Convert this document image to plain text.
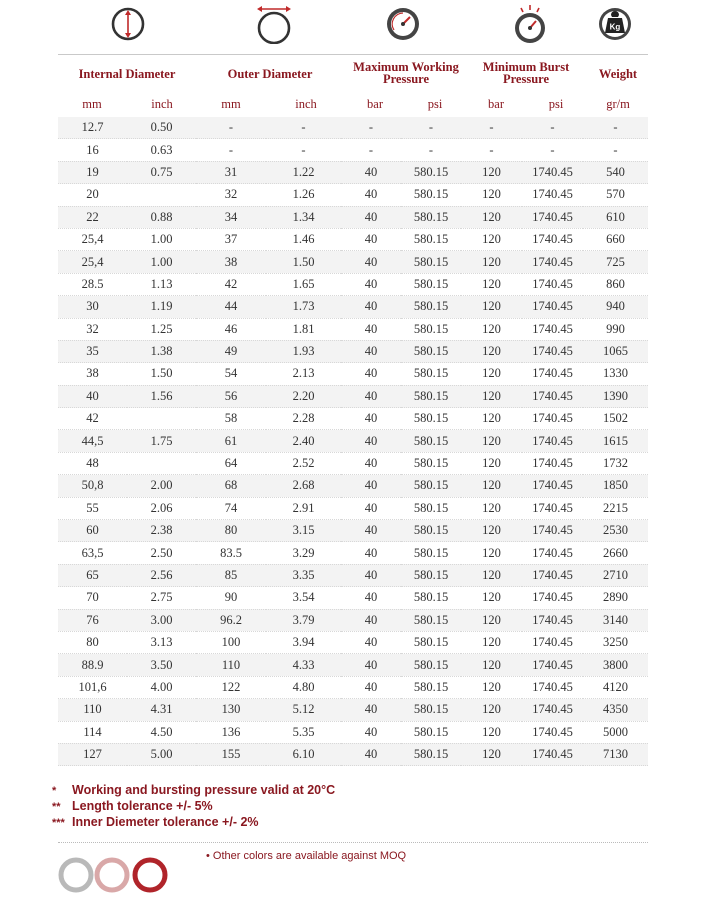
Kg
Internal Diameter	Outer Diameter	Maximum Working Pressure
Minimum Burst Pressure	Weight
mm	inch	mm	inch	bar	psi	bar	psi	gr/m
12.7	0.50	-	-	-	-	-	-	-
16	0.63	-	-	-	-	-	-	-
19	0.75	31	1.22	40	580.15	120	1740.45	540
20		32	1.26	40	580.15	120	1740.45	570
22	0.88	34	1.34	40	580.15	120	1740.45	610
25,4	1.00	37	1.46	40	580.15	120	1740.45	660
25,4	1.00	38	1.50	40	580.15	120	1740.45	725
28.5	1.13	42	1.65	40	580.15	120	1740.45	860
30	1.19	44	1.73	40	580.15	120	1740.45	940
32	1.25	46	1.81	40	580.15	120	1740.45	990
35	1.38	49	1.93	40	580.15	120	1740.45	1065
38	1.50	54	2.13	40	580.15	120	1740.45	1330
40	1.56	56	2.20	40	580.15	120	1740.45	1390
42		58	2.28	40	580.15	120	1740.45	1502
44,5	1.75	61	2.40	40	580.15	120	1740.45	1615
48		64	2.52	40	580.15	120	1740.45	1732
50,8	2.00	68	2.68	40	580.15	120	1740.45	1850
55	2.06	74	2.91	40	580.15	120	1740.45	2215
60	2.38	80	3.15	40	580.15	120	1740.45	2530
63,5	2.50	83.5	3.29	40	580.15	120	1740.45	2660
65	2.56	85	3.35	40	580.15	120	1740.45	2710
70	2.75	90	3.54	40	580.15	120	1740.45	2890
76	3.00	96.2	3.79	40	580.15	120	1740.45	3140
80	3.13	100	3.94	40	580.15	120	1740.45	3250
88.9	3.50	110	4.33	40	580.15	120	1740.45	3800
101,6	4.00	122	4.80	40	580.15	120	1740.45	4120
110	4.31	130	5.12	40	580.15	120	1740.45	4350
114	4.50	136	5.35	40	580.15	120	1740.45	5000
127	5.00	155	6.10	40	580.15	120	1740.45	7130
* Working and bursting pressure valid at 20°C
** Length tolerance +/- 5%
*** Inner Diemeter tolerance +/- 2%
• Other colors are available against MOQ
